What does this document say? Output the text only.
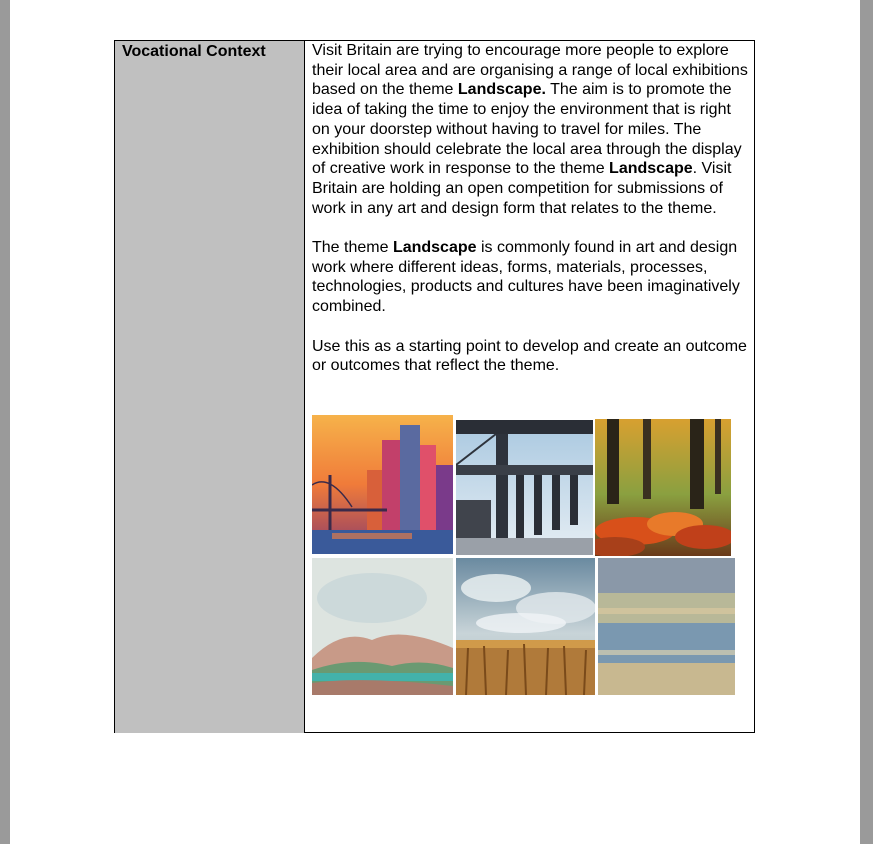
Vocational Context	Visit Britain are trying to encourage more people to explore their local area and are organising a range of local exhibitions based on the theme Landscape. The aim is to promote the idea of taking the time to enjoy the environment that is right on your doorstep without having to travel for miles. The exhibition should celebrate the local area through the display of creative work in response to the theme Landscape. Visit Britain are holding an open competition for submissions of work in any art and design form that relates to the theme.

The theme Landscape is commonly found in art and design work where different ideas, forms, materials, processes, technologies, products and cultures have been imaginatively combined.

Use this as a starting point to develop and create an outcome or outcomes that reflect the theme.
